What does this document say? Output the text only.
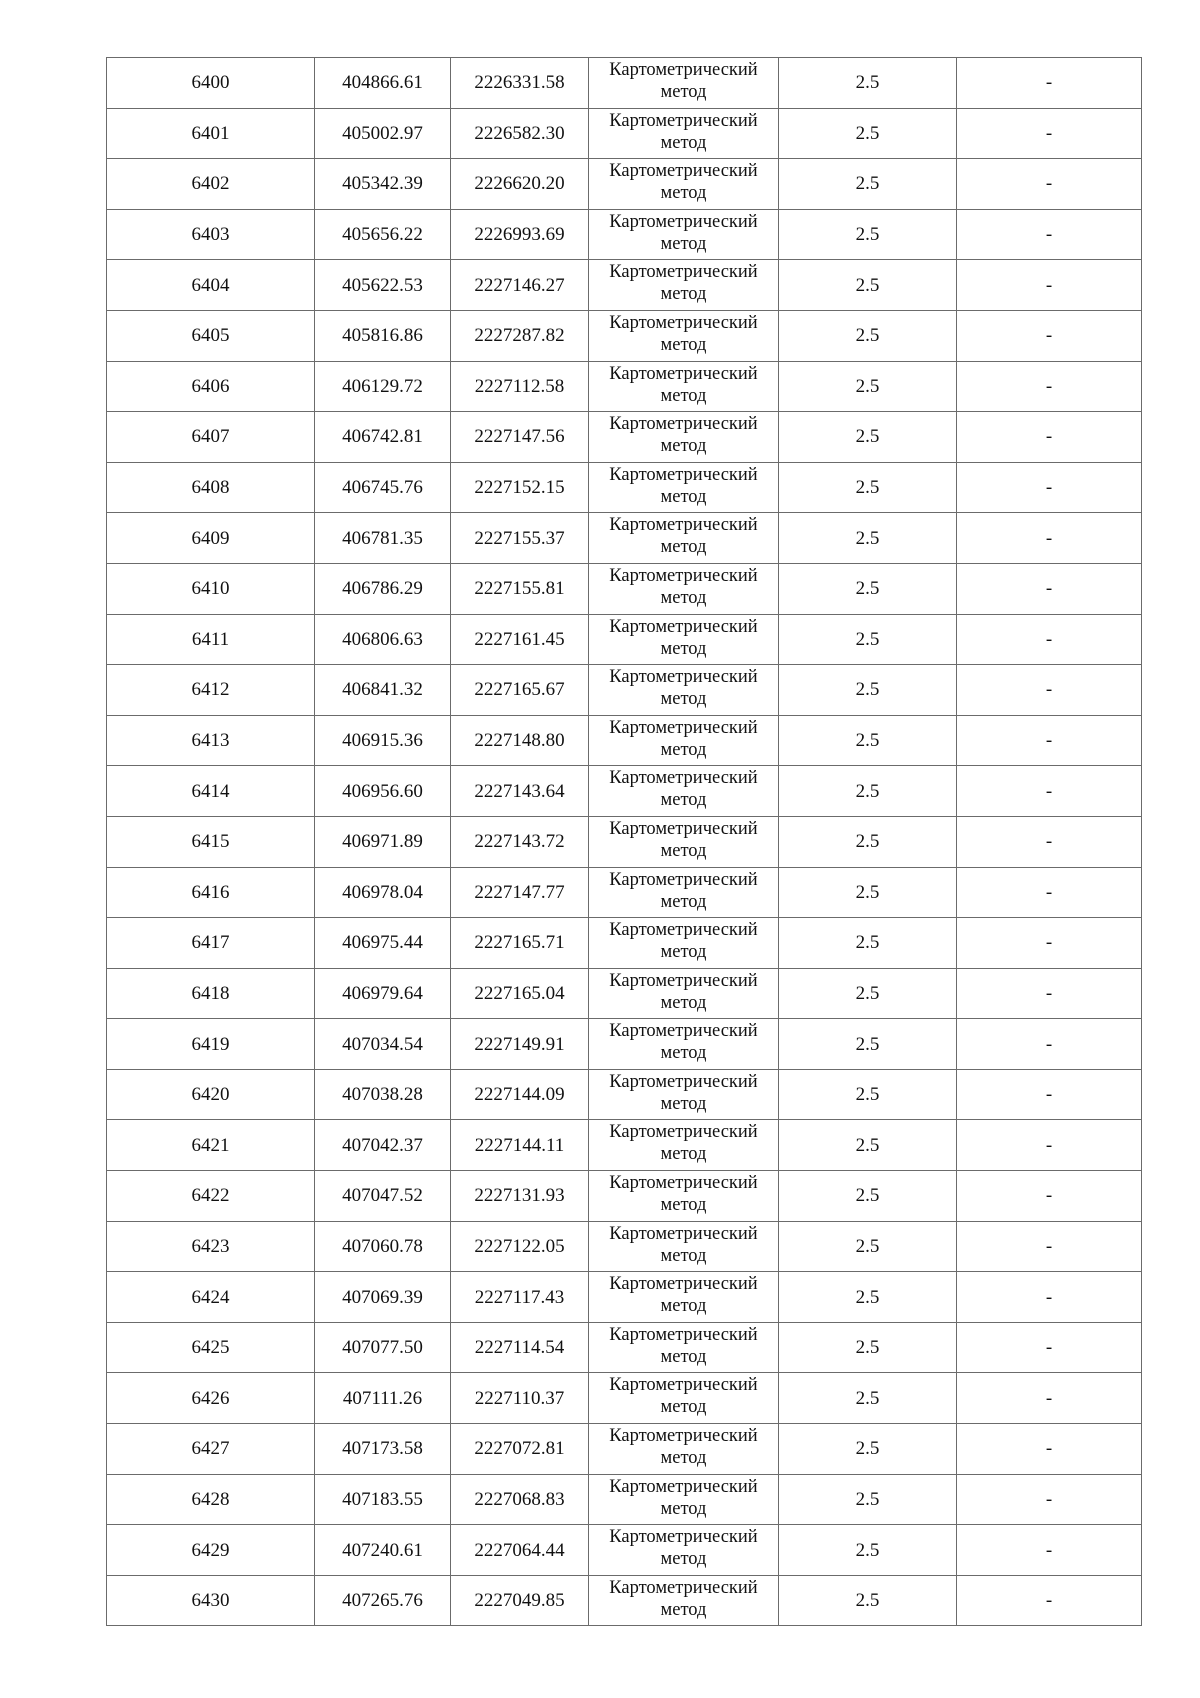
6400	404866.61	2226331.58	Картометрический
метод	2.5	-
6401	405002.97	2226582.30	Картометрический
метод	2.5	-
6402	405342.39	2226620.20	Картометрический
метод	2.5	-
6403	405656.22	2226993.69	Картометрический
метод	2.5	-
6404	405622.53	2227146.27	Картометрический
метод	2.5	-
6405	405816.86	2227287.82	Картометрический
метод	2.5	-
6406	406129.72	2227112.58	Картометрический
метод	2.5	-
6407	406742.81	2227147.56	Картометрический
метод	2.5	-
6408	406745.76	2227152.15	Картометрический
метод	2.5	-
6409	406781.35	2227155.37	Картометрический
метод	2.5	-
6410	406786.29	2227155.81	Картометрический
метод	2.5	-
6411	406806.63	2227161.45	Картометрический
метод	2.5	-
6412	406841.32	2227165.67	Картометрический
метод	2.5	-
6413	406915.36	2227148.80	Картометрический
метод	2.5	-
6414	406956.60	2227143.64	Картометрический
метод	2.5	-
6415	406971.89	2227143.72	Картометрический
метод	2.5	-
6416	406978.04	2227147.77	Картометрический
метод	2.5	-
6417	406975.44	2227165.71	Картометрический
метод	2.5	-
6418	406979.64	2227165.04	Картометрический
метод	2.5	-
6419	407034.54	2227149.91	Картометрический
метод	2.5	-
6420	407038.28	2227144.09	Картометрический
метод	2.5	-
6421	407042.37	2227144.11	Картометрический
метод	2.5	-
6422	407047.52	2227131.93	Картометрический
метод	2.5	-
6423	407060.78	2227122.05	Картометрический
метод	2.5	-
6424	407069.39	2227117.43	Картометрический
метод	2.5	-
6425	407077.50	2227114.54	Картометрический
метод	2.5	-
6426	407111.26	2227110.37	Картометрический
метод	2.5	-
6427	407173.58	2227072.81	Картометрический
метод	2.5	-
6428	407183.55	2227068.83	Картометрический
метод	2.5	-
6429	407240.61	2227064.44	Картометрический
метод	2.5	-
6430	407265.76	2227049.85	Картометрический
метод	2.5	-
